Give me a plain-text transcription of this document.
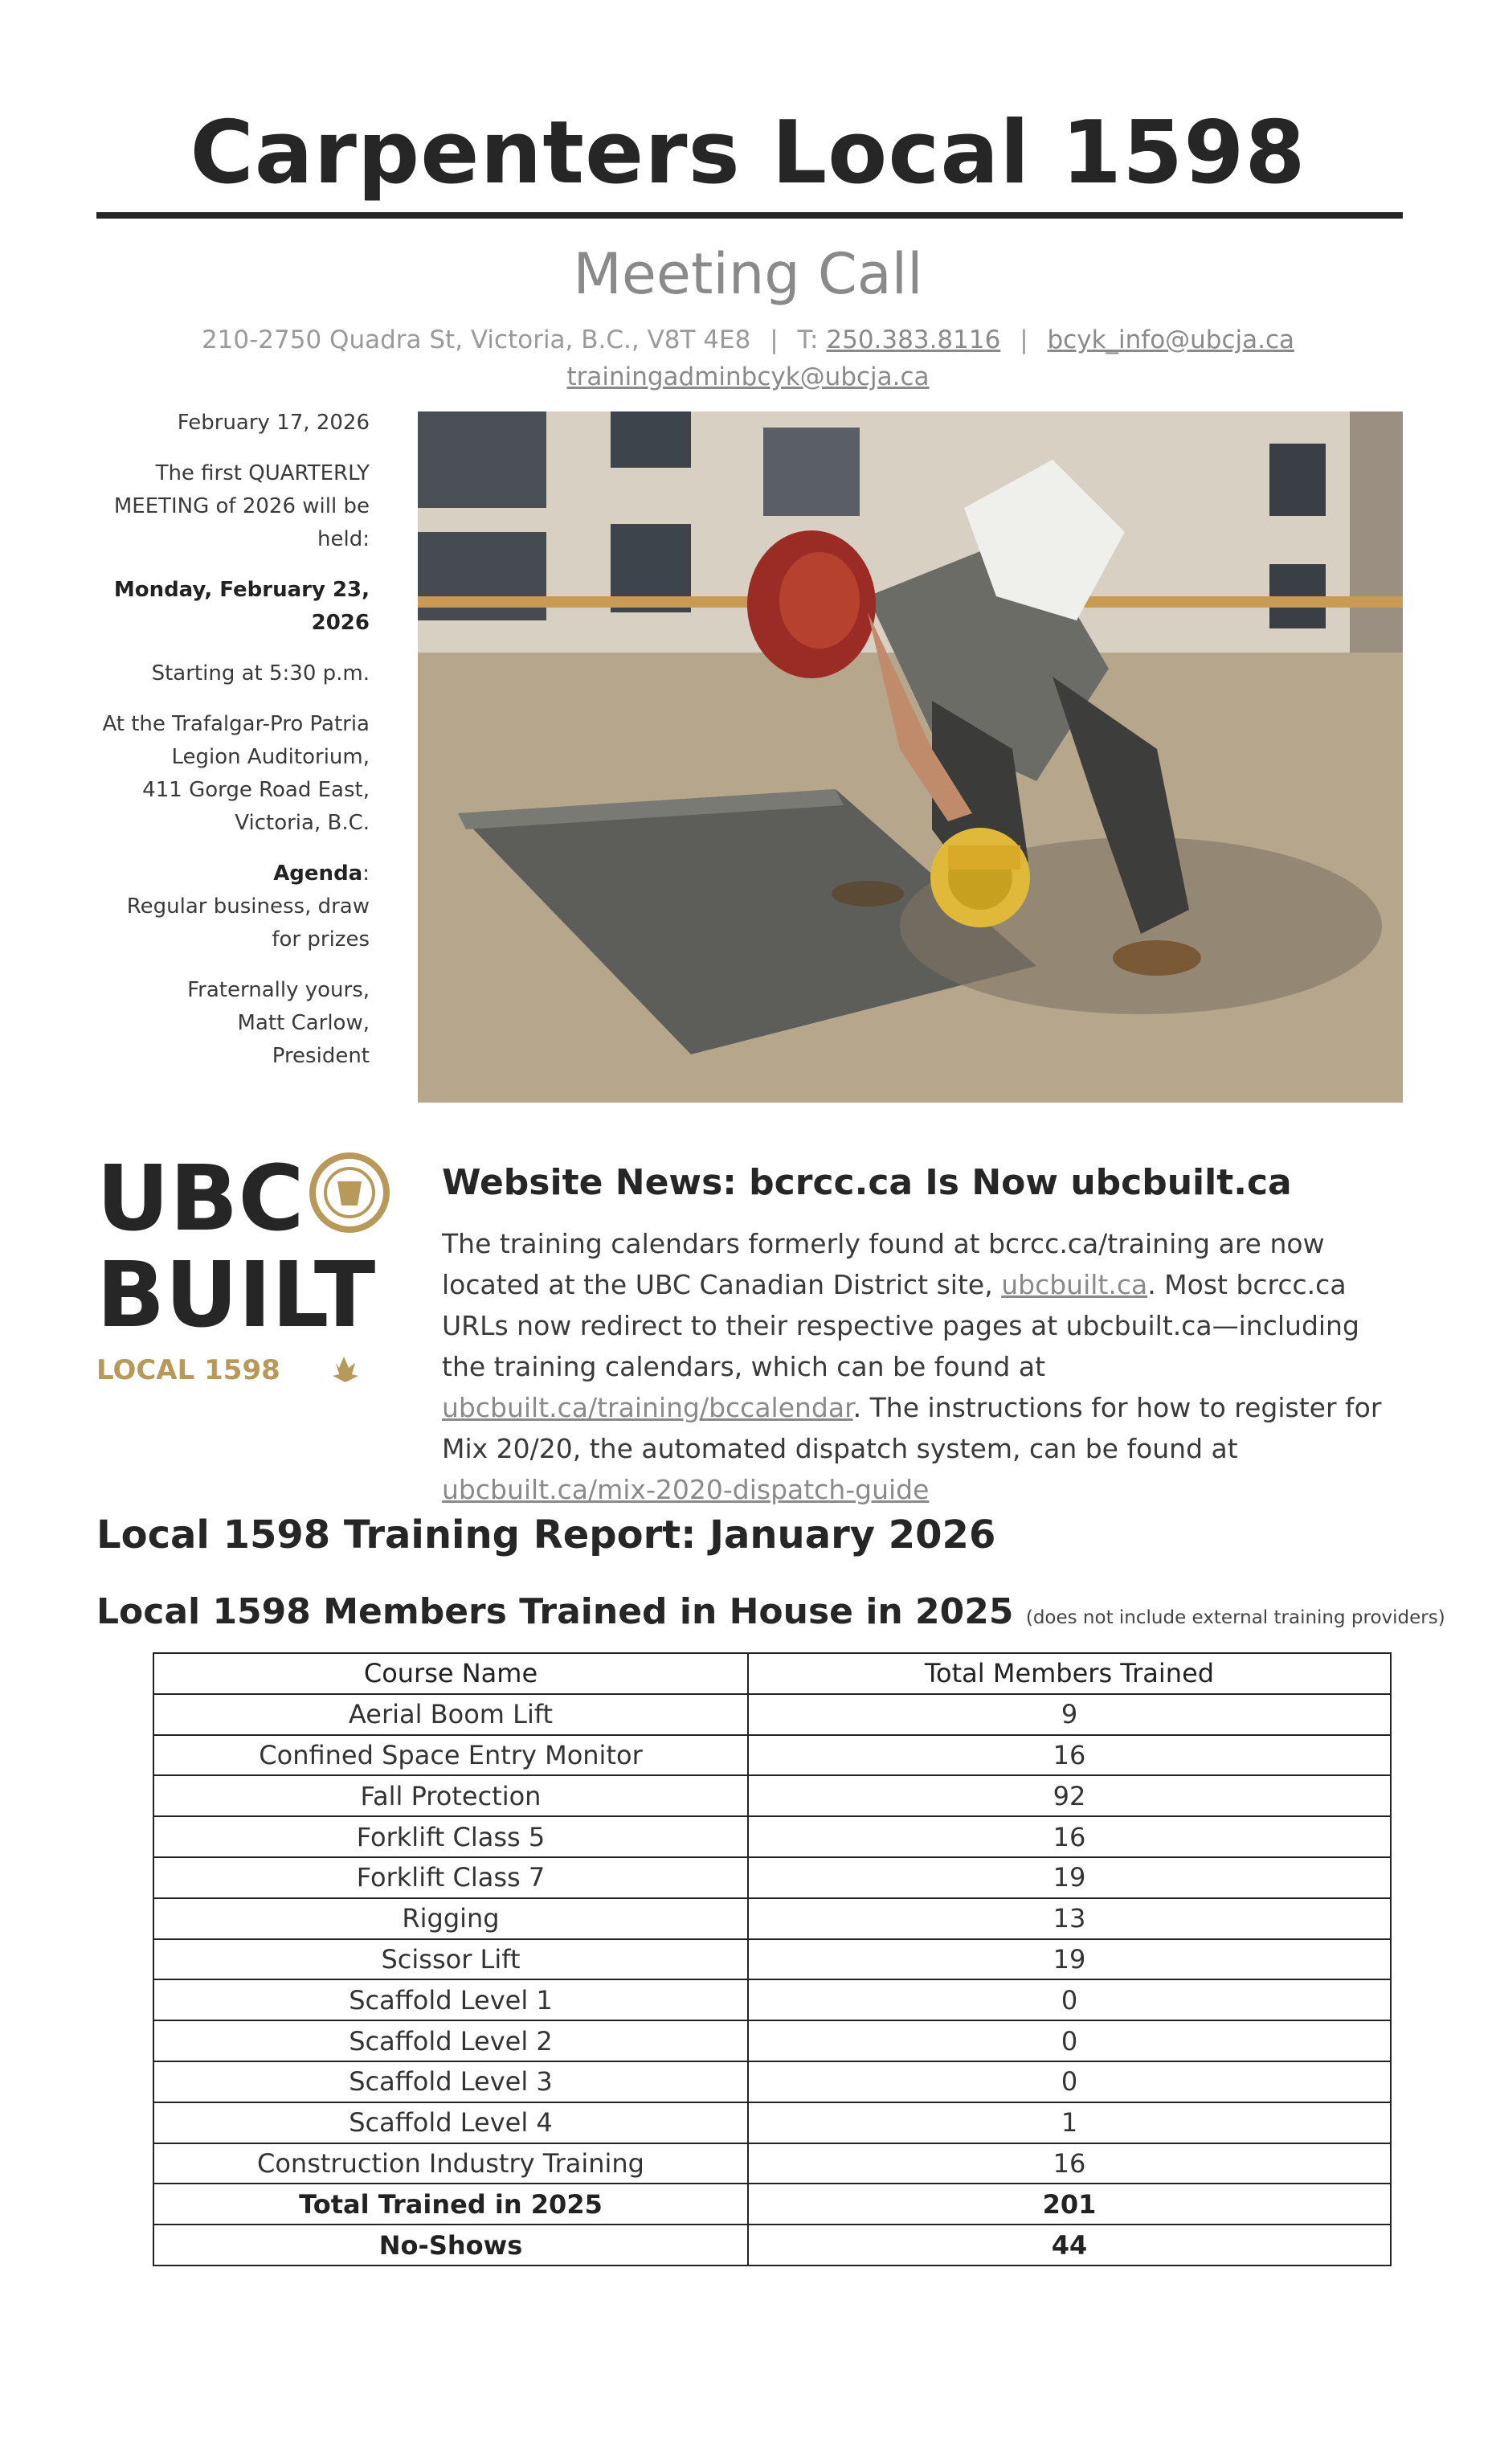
Carpenters Local 1598
Meeting Call
210-2750 Quadra St, Victoria, B.C., V8T 4E8 | T: 250.383.8116 | bcyk_info@ubcja.ca
trainingadminbcyk@ubcja.ca

February 17, 2026

The first QUARTERLY MEETING of 2026 will be held:

Monday, February 23, 2026

Starting at 5:30 p.m.

At the Trafalgar-Pro Patria Legion Auditorium,
411 Gorge Road East, Victoria, B.C.

Agenda:
Regular business, draw for prizes

Fraternally yours,
Matt Carlow,
President

UBC
BUILT
LOCAL 1598
Website News: bcrcc.ca Is Now ubcbuilt.ca
The training calendars formerly found at bcrcc.ca/training are now located at the UBC Canadian District site, ubcbuilt.ca. Most bcrcc.ca URLs now redirect to their respective pages at ubcbuilt.ca—including the training calendars, which can be found at ubcbuilt.ca/training/bccalendar. The instructions for how to register for Mix 20/20, the automated dispatch system, can be found at ubcbuilt.ca/mix-2020-dispatch-guide
Local 1598 Training Report: January 2026
Local 1598 Members Trained in House in 2025 (does not include external training providers)
Course Name	Total Members Trained
Aerial Boom Lift	9
Confined Space Entry Monitor	16
Fall Protection	92
Forklift Class 5	16
Forklift Class 7	19
Rigging	13
Scissor Lift	19
Scaffold Level 1	0
Scaffold Level 2	0
Scaffold Level 3	0
Scaffold Level 4	1
Construction Industry Training	16
Total Trained in 2025	201
No-Shows	44
